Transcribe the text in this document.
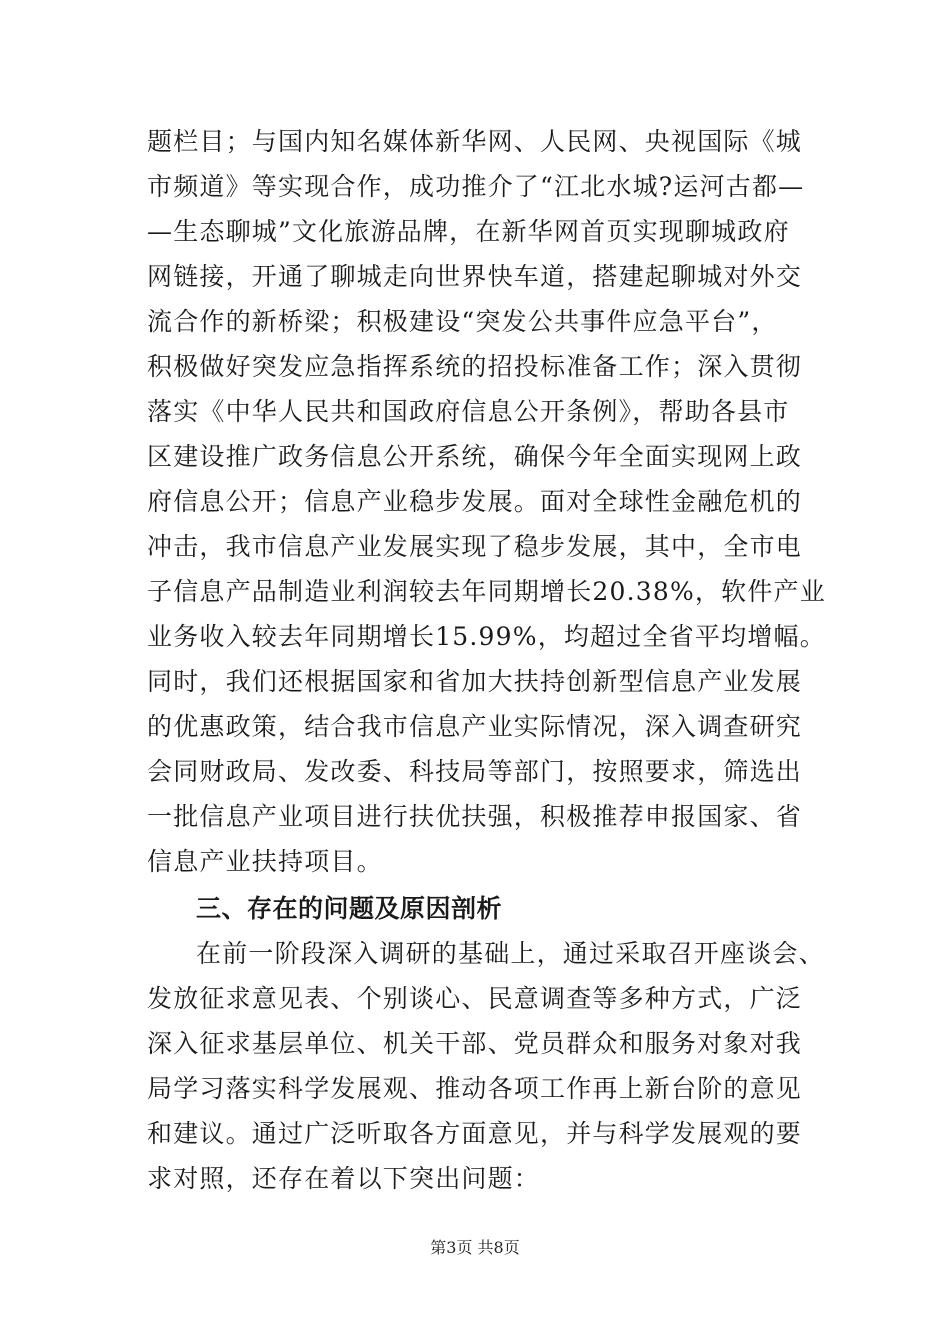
题栏目；与国内知名媒体新华网、人民网、央视国际《城
市频道》等实现合作，成功推介了“江北水城?运河古都—
—生态聊城”文化旅游品牌，在新华网首页实现聊城政府
网链接，开通了聊城走向世界快车道，搭建起聊城对外交
流合作的新桥梁；积极建设“突发公共事件应急平台”，
积极做好突发应急指挥系统的招投标准备工作；深入贯彻
落实《中华人民共和国政府信息公开条例》，帮助各县市
区建设推广政务信息公开系统，确保今年全面实现网上政
府信息公开；信息产业稳步发展。面对全球性金融危机的
冲击，我市信息产业发展实现了稳步发展，其中，全市电
子信息产品制造业利润较去年同期增长20.38%，软件产业
业务收入较去年同期增长15.99%，均超过全省平均增幅。
同时，我们还根据国家和省加大扶持创新型信息产业发展
的优惠政策，结合我市信息产业实际情况，深入调查研究
会同财政局、发改委、科技局等部门，按照要求，筛选出
一批信息产业项目进行扶优扶强，积极推荐申报国家、省
信息产业扶持项目。
三、存在的问题及原因剖析
在前一阶段深入调研的基础上，通过采取召开座谈会、
发放征求意见表、个别谈心、民意调查等多种方式，广泛
深入征求基层单位、机关干部、党员群众和服务对象对我
局学习落实科学发展观、推动各项工作再上新台阶的意见
和建议。通过广泛听取各方面意见，并与科学发展观的要
求对照，还存在着以下突出问题：
第3页 共8页
